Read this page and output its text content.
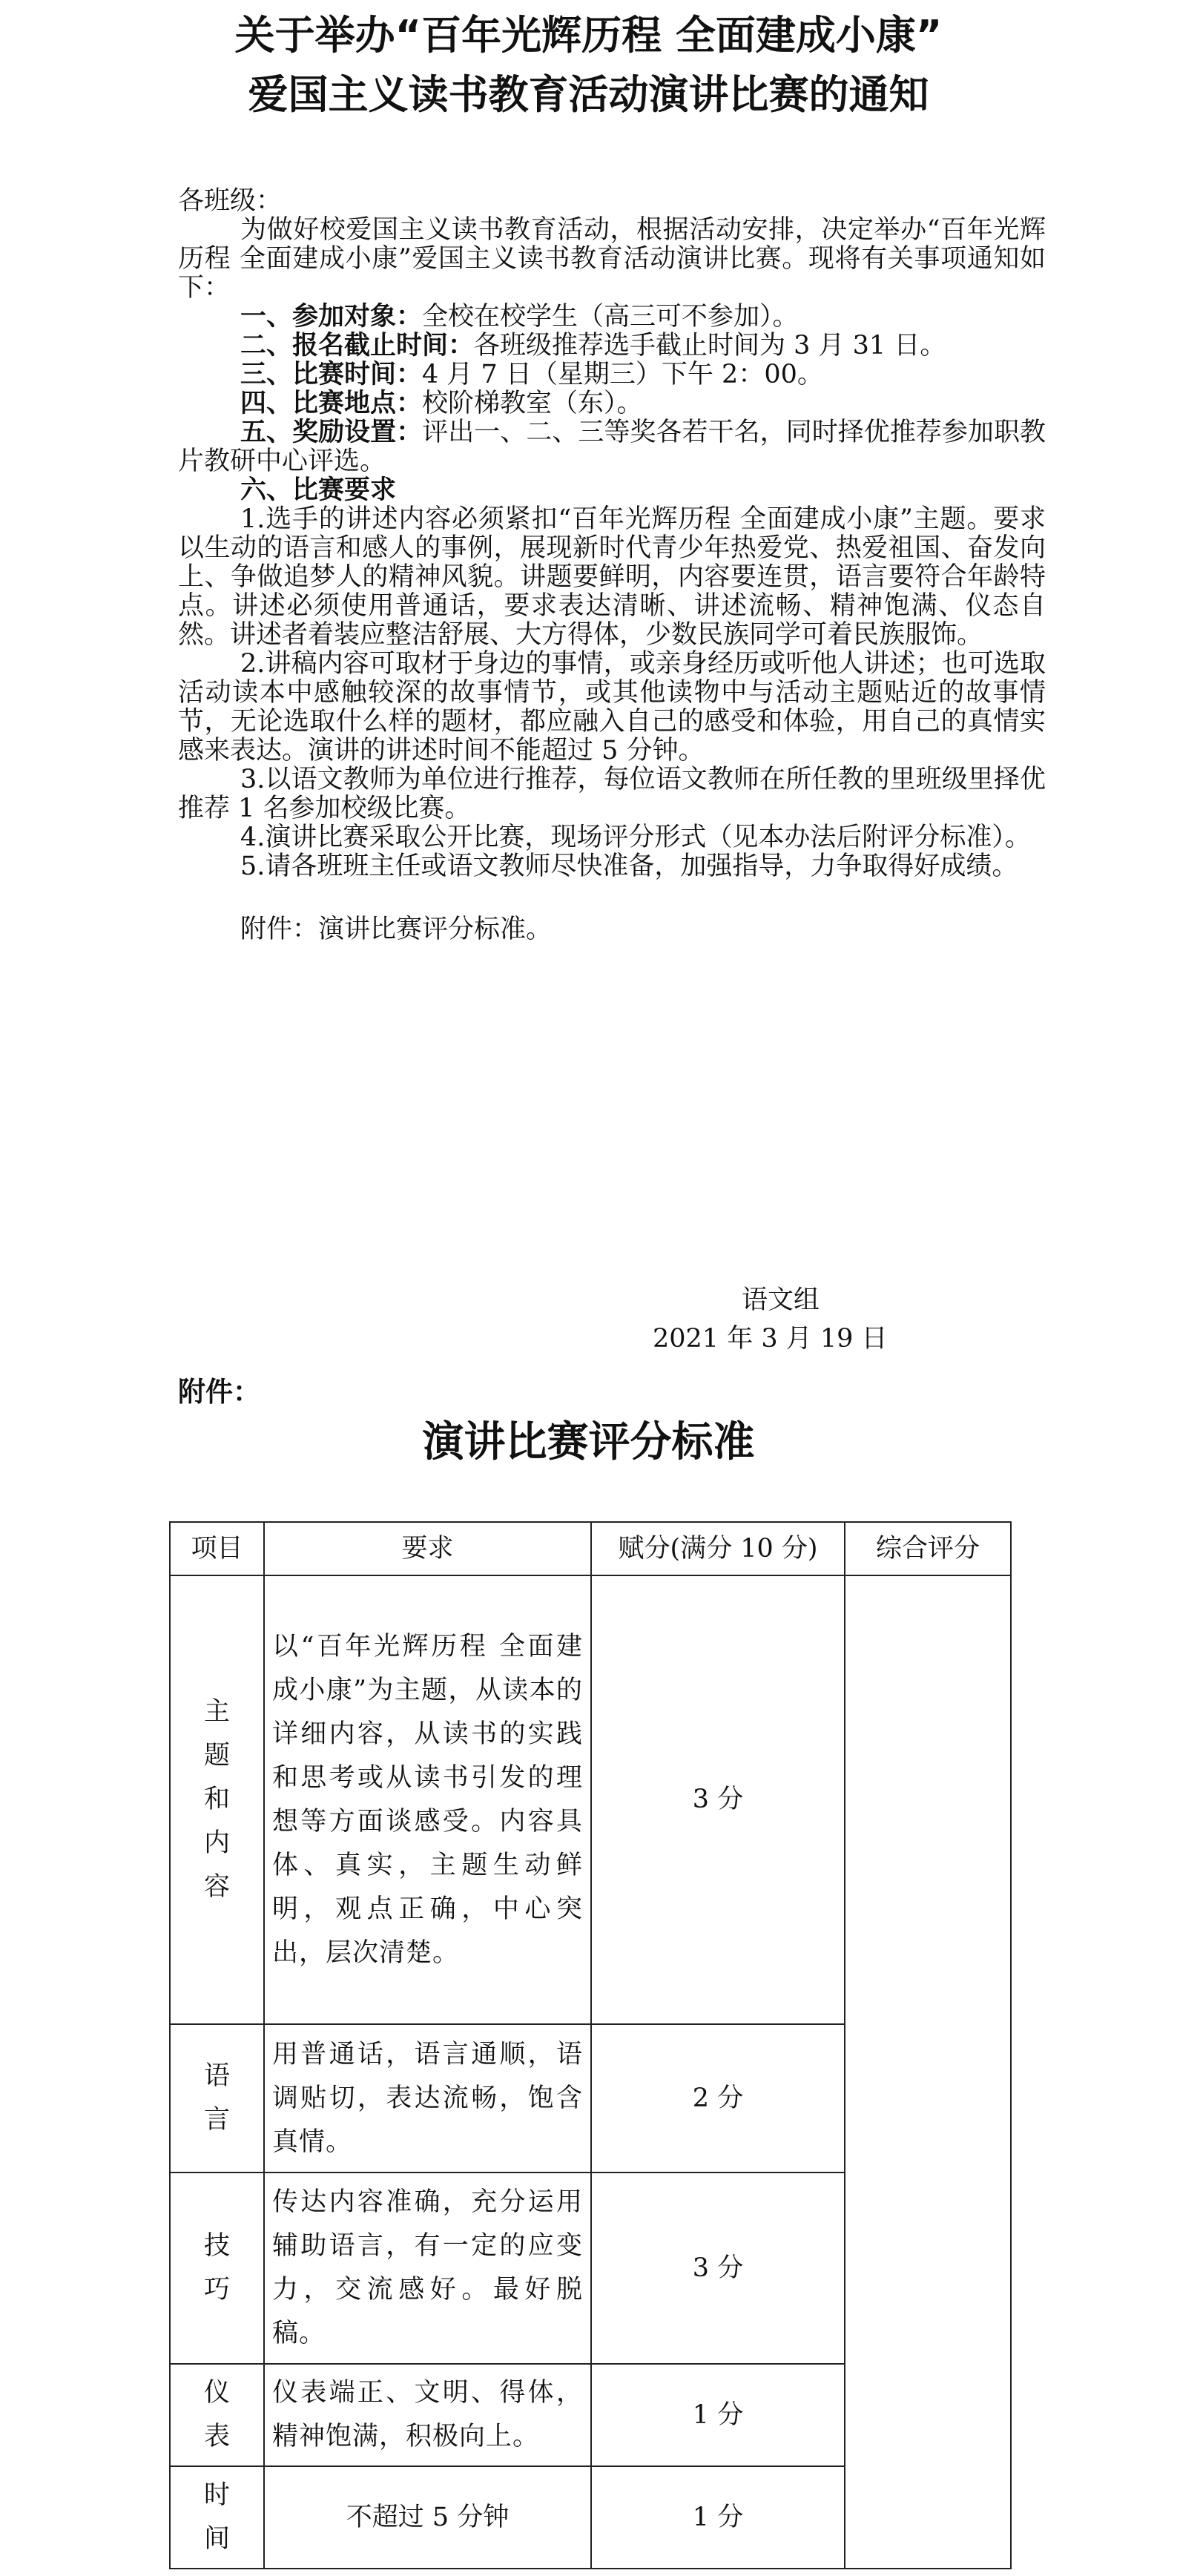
关于举办“百年光辉历程 全面建成小康”
爱国主义读书教育活动演讲比赛的通知
各班级：

为做好校爱国主义读书教育活动，根据活动安排，决定举办“百年光辉历程 全面建成小康”爱国主义读书教育活动演讲比赛。现将有关事项通知如下：

一、参加对象：全校在校学生（高三可不参加）。

二、报名截止时间：各班级推荐选手截止时间为 3 月 31 日。

三、比赛时间：4 月 7 日（星期三）下午 2：00。

四、比赛地点：校阶梯教室（东）。

五、奖励设置：评出一、二、三等奖各若干名，同时择优推荐参加职教片教研中心评选。

六、比赛要求

1.选手的讲述内容必须紧扣“百年光辉历程 全面建成小康”主题。要求以生动的语言和感人的事例，展现新时代青少年热爱党、热爱祖国、奋发向上、争做追梦人的精神风貌。讲题要鲜明，内容要连贯，语言要符合年龄特点。讲述必须使用普通话，要求表达清晰、讲述流畅、精神饱满、仪态自然。讲述者着装应整洁舒展、大方得体，少数民族同学可着民族服饰。

2.讲稿内容可取材于身边的事情，或亲身经历或听他人讲述；也可选取活动读本中感触较深的故事情节，或其他读物中与活动主题贴近的故事情节，无论选取什么样的题材，都应融入自己的感受和体验，用自己的真情实感来表达。演讲的讲述时间不能超过 5 分钟。

3.以语文教师为单位进行推荐，每位语文教师在所任教的里班级里择优推荐 1 名参加校级比赛。

4.演讲比赛采取公开比赛，现场评分形式（见本办法后附评分标准）。

5.请各班班主任或语文教师尽快准备，加强指导，力争取得好成绩。

附件：演讲比赛评分标准。

语文组
2021 年 3 月 19 日
附件：
演讲比赛评分标准
项目	要求	赋分(满分 10 分)	综合评分

主
题
和
内
容	以“百年光辉历程 全面建成小康”为主题，从读本的详细内容，从读书的实践和思考或从读书引发的理想等方面谈感受。内容具体、真实，主题生动鲜明，观点正确，中心突出，层次清楚。	3 分	

语
言	用普通话，语言通顺，语调贴切，表达流畅，饱含真情。	2 分	

技
巧	传达内容准确，充分运用辅助语言，有一定的应变力，交流感好。最好脱稿。	3 分	

仪
表	仪表端正、文明、得体，精神饱满，积极向上。	1 分	

时
间	不超过 5 分钟	1 分	
